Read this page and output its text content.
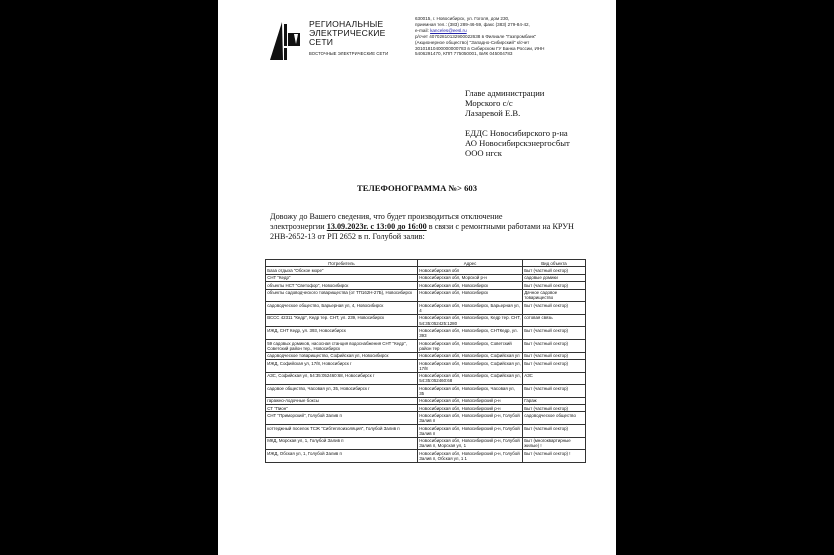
РЕГИОНАЛЬНЫЕ
ЭЛЕКТРИЧЕСКИЕ
СЕТИ
ВОСТОЧНЫЕ ЭЛЕКТРИЧЕСКИЕ СЕТИ
630015, г. Новосибирск, ул. Гоголя, дом 230,
приемная тел.: (383) 289-46-59, факс (383) 279-84-42,
e-mail: kanceles@eesl.ru
р/счет 40702810132900022638 в Филиале "Газпромбанк"
(Акционерное общество) "Западно-Сибирский" к/счет
30101810400000000783 в Сибирском ГУ Банка России, ИНН
5406291470, КПП 775050001, БИК 045004783
Главе администрации
Морского с/с
Лазаревой Е.В.
ЕДДС Новосибирского р-на
АО Новосибирскэнергосбыт
ООО нгск
ТЕЛЕФОНОГРАММА №> 603
Довожу до Вашего сведения, что будет производиться отключение
электроэнергии 13.09.2023г. с 13:00 до 16:00 в связи с ремонтными работами на КРУН
2HB-2652-13 от РП 2652 в п. Голубой залив:
Потребитель	Адрес	Вид объекта
База отдыха "Обское море"	Новосибирская обл	Быт (частный сектор)
СНТ "Кедр"	Новосибирская обл, Морской р-н	садовые домики
объекты НСТ "Светофор", Новосибирск	Новосибирская обл, Новосибирск	Быт (частный сектор)
объекты садоводческого товарищества (от ТП162Н-27Б), Новосибирск	Новосибирская обл, Новосибирск	Дачное садовое товарищество
садоводческое общество, Барьерная ул, 4, Новосибирск	Новосибирская обл, Новосибирск, Барьерная ул, 4	Быт (частный сектор)
ВССС 42311 "Кедр", Кедр тер. СНТ, ул. 239, Новосибирск	Новосибирская обл, Новосибирск, Кедр тер. СНТ, 54:35:052425:1280	сотовая связь
ИЖД, СНТ Кедр, ул. 393, Новосибирск	Новосибирская обл, Новосибирск, СНТКедр, ул. 393	Быт (частный сектор)
59 садовых домиков, насосная станция водоснабжения СНТ "Кедр", Советский район тер., Новосибирск	Новосибирская обл, Новосибирск, Советский район тер	Быт (частный сектор)
садоводческое товарищество, Софийская ул, Новосибирск	Новосибирская обл, Новосибирск, Софийская ул	Быт (частный сектор)
ИЖД, Софийская ул, 17/8, Новосибирск г	Новосибирская обл, Новосибирск, Софийская ул, 17/8	Быт (частный сектор)
АЗС, Софийская ул, 54:35:052460:68, Новосибирск г	Новосибирская обл, Новосибирск, Софийская ул, 54:35:052460:68	АЗС
садовое общество, Часовая ул, 35, Новосибирск г	Новосибирская обл, Новосибирск, Часовая ул, 35	Быт (частный сектор)
гаражно-лодочные боксы	Новосибирская обл, Новосибирский р-н	Гараж
СТ "Пион"	Новосибирская обл, Новосибирский р-н	Быт (частный сектор)
СНТ "Приморский", Голубой Залив п	Новосибирская обл, Новосибирский р-н, Голубой Залив п	садоводческое общество
коттеджный поселок ТСЖ "Сибтеплоизоляция", Голубой Залив п	Новосибирская обл, Новосибирский р-н, Голубой Залив п	Быт (частный сектор)
МКД, Морская ул, 1, Голубой Залив п	Новосибирская обл, Новосибирский р-н, Голубой Залив п, Морская ул, 1	Быт (многоквартирные жилые) !
ИЖД, Обская ул, 1, Голубой Залив п	Новосибирская обл, Новосибирский р-н, Голубой Залив п, Обская ул, 1 1	Быт (частный сектор) !
